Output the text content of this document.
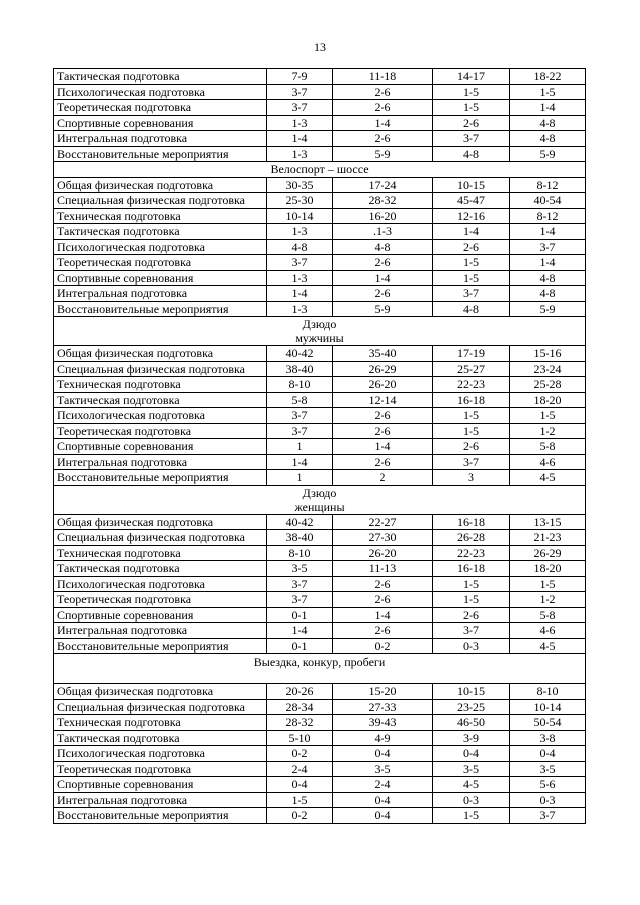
13
Тактическая подготовка	7-9	11-18	14-17	18-22
Психологическая подготовка	3-7	2-6	1-5	1-5
Теоретическая подготовка	3-7	2-6	1-5	1-4
Спортивные соревнования	1-3	1-4	2-6	4-8
Интегральная подготовка	1-4	2-6	3-7	4-8
Восстановительные мероприятия	1-3	5-9	4-8	5-9

Велоспорт – шоссе				

Общая физическая подготовка	30-35	17-24	10-15	8-12
Специальная физическая подготовка	25-30	28-32	45-47	40-54
Техническая подготовка	10-14	16-20	12-16	8-12
Тактическая подготовка	1-3	.1-3	1-4	1-4
Психологическая подготовка	4-8	4-8	2-6	3-7
Теоретическая подготовка	3-7	2-6	1-5	1-4
Спортивные соревнования	1-3	1-4	1-5	4-8
Интегральная подготовка	1-4	2-6	3-7	4-8
Восстановительные мероприятия	1-3	5-9	4-8	5-9

Дзюдо
мужчины				

Общая физическая подготовка	40-42	35-40	17-19	15-16
Специальная физическая подготовка	38-40	26-29	25-27	23-24
Техническая подготовка	8-10	26-20	22-23	25-28
Тактическая подготовка	5-8	12-14	16-18	18-20
Психологическая подготовка	3-7	2-6	1-5	1-5
Теоретическая подготовка	3-7	2-6	1-5	1-2
Спортивные соревнования	1	1-4	2-6	5-8
Интегральная подготовка	1-4	2-6	3-7	4-6
Восстановительные мероприятия	1	2	3	4-5

Дзюдо
женщины				

Общая физическая подготовка	40-42	22-27	16-18	13-15
Специальная физическая подготовка	38-40	27-30	26-28	21-23
Техническая подготовка	8-10	26-20	22-23	26-29
Тактическая подготовка	3-5	11-13	16-18	18-20
Психологическая подготовка	3-7	2-6	1-5	1-5
Теоретическая подготовка	3-7	2-6	1-5	1-2
Спортивные соревнования	0-1	1-4	2-6	5-8
Интегральная подготовка	1-4	2-6	3-7	4-6
Восстановительные мероприятия	0-1	0-2	0-3	4-5

Выездка, конкур, пробеги				

Общая физическая подготовка	20-26	15-20	10-15	8-10
Специальная физическая подготовка	28-34	27-33	23-25	10-14
Техническая подготовка	28-32	39-43	46-50	50-54
Тактическая подготовка	5-10	4-9	3-9	3-8
Психологическая подготовка	0-2	0-4	0-4	0-4
Теоретическая подготовка	2-4	3-5	3-5	3-5
Спортивные соревнования	0-4	2-4	4-5	5-6
Интегральная подготовка	1-5	0-4	0-3	0-3
Восстановительные мероприятия	0-2	0-4	1-5	3-7
